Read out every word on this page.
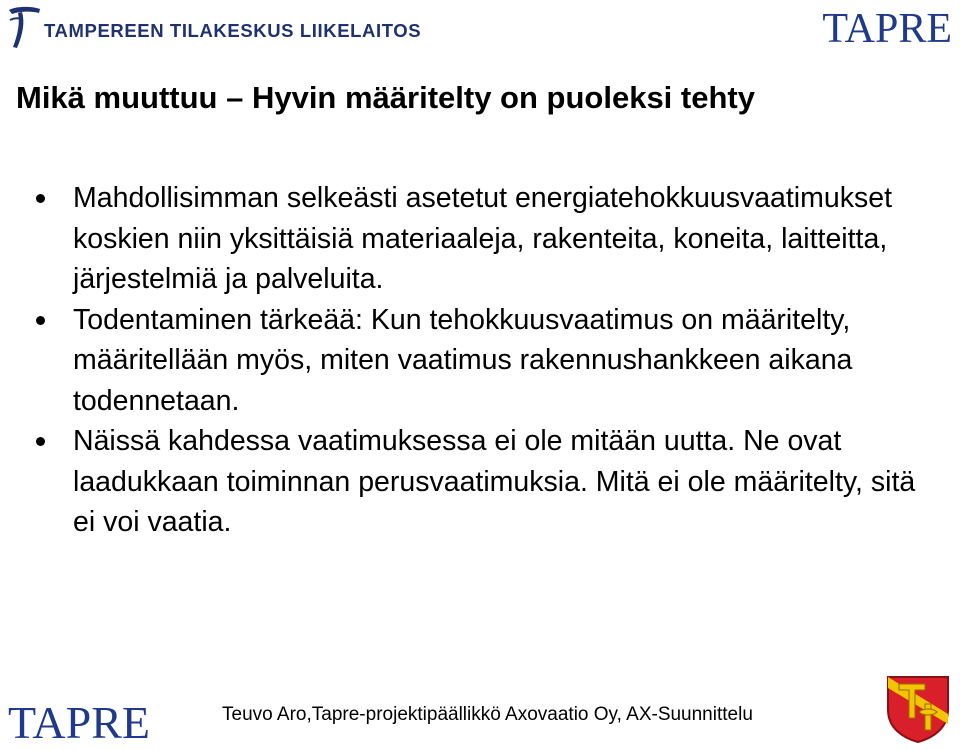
TAMPEREEN TILAKESKUS LIIKELAITOS	TAPRE
Mikä muuttuu – Hyvin määritelty on puoleksi tehty
Mahdollisimman selkeästi asetetut energiatehokkuusvaatimukset koskien niin yksittäisiä materiaaleja, rakenteita, koneita, laitteitta, järjestelmiä ja palveluita.
Todentaminen tärkeää: Kun tehokkuusvaatimus on määritelty, määritellään myös, miten vaatimus rakennushankkeen aikana todennetaan.
Näissä kahdessa vaatimuksessa ei ole mitään uutta. Ne ovat laadukkaan toiminnan perusvaatimuksia. Mitä ei ole määritelty, sitä ei voi vaatia.
TAPRE	Teuvo Aro,Tapre-projektipäällikkö Axovaatio Oy, AX-Suunnittelu
